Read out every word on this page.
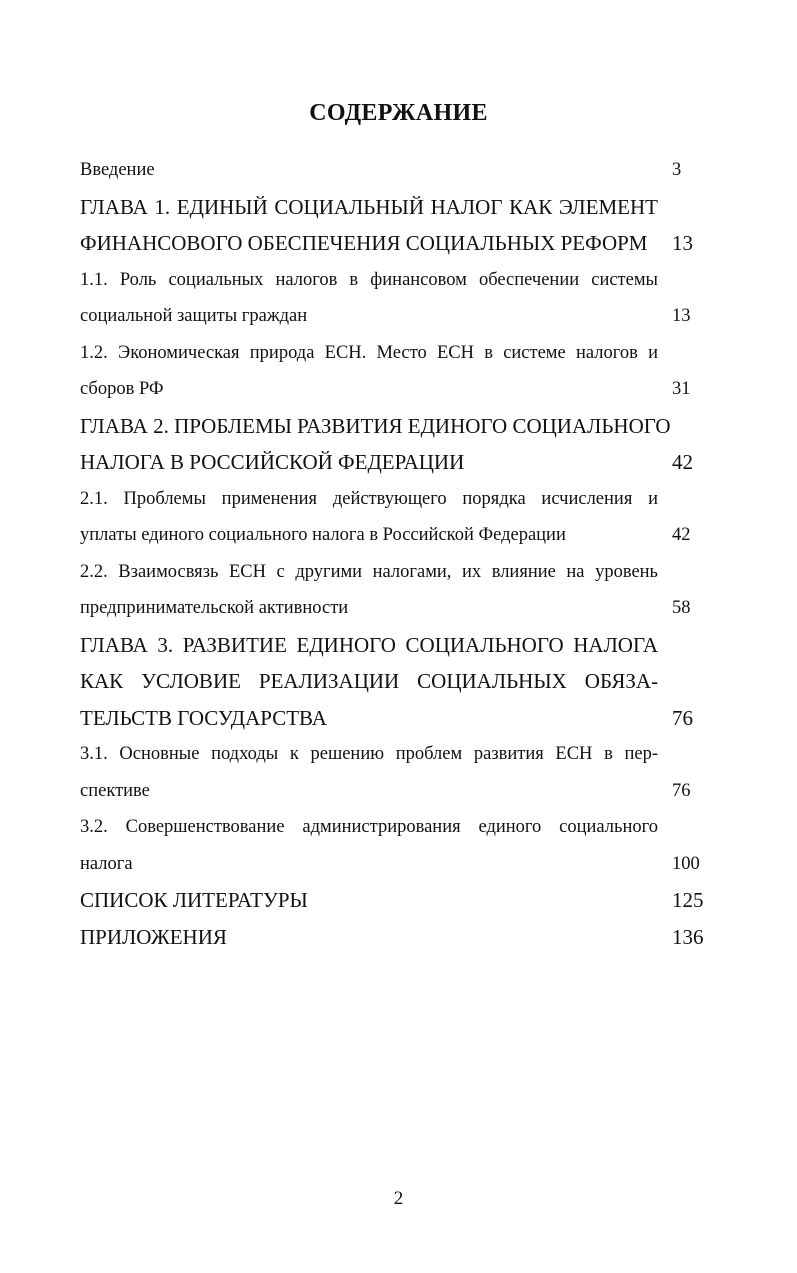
СОДЕРЖАНИЕ
Введение	3
ГЛАВА 1. ЕДИНЫЙ СОЦИАЛЬНЫЙ НАЛОГ КАК ЭЛЕМЕНТ
ФИНАНСОВОГО ОБЕСПЕЧЕНИЯ СОЦИАЛЬНЫХ РЕФОРМ	13
1.1. Роль социальных налогов в финансовом обеспечении системы
социальной защиты граждан	13
1.2. Экономическая природа ЕСН. Место ЕСН в системе налогов и
сборов РФ	31
ГЛАВА 2. ПРОБЛЕМЫ РАЗВИТИЯ ЕДИНОГО СОЦИАЛЬНОГО
НАЛОГА В РОССИЙСКОЙ ФЕДЕРАЦИИ	42
2.1. Проблемы применения действующего порядка исчисления и
уплаты единого социального налога в Российской Федерации	42
2.2. Взаимосвязь ЕСН с другими налогами, их влияние на уровень
предпринимательской активности	58
ГЛАВА 3. РАЗВИТИЕ ЕДИНОГО СОЦИАЛЬНОГО НАЛОГА
КАК УСЛОВИЕ РЕАЛИЗАЦИИ СОЦИАЛЬНЫХ ОБЯЗА-
ТЕЛЬСТВ ГОСУДАРСТВА	76
3.1. Основные подходы к решению проблем развития ЕСН в пер-
спективе	76
3.2. Совершенствование администрирования единого социального
налога	100
СПИСОК ЛИТЕРАТУРЫ	125
ПРИЛОЖЕНИЯ	136
2
